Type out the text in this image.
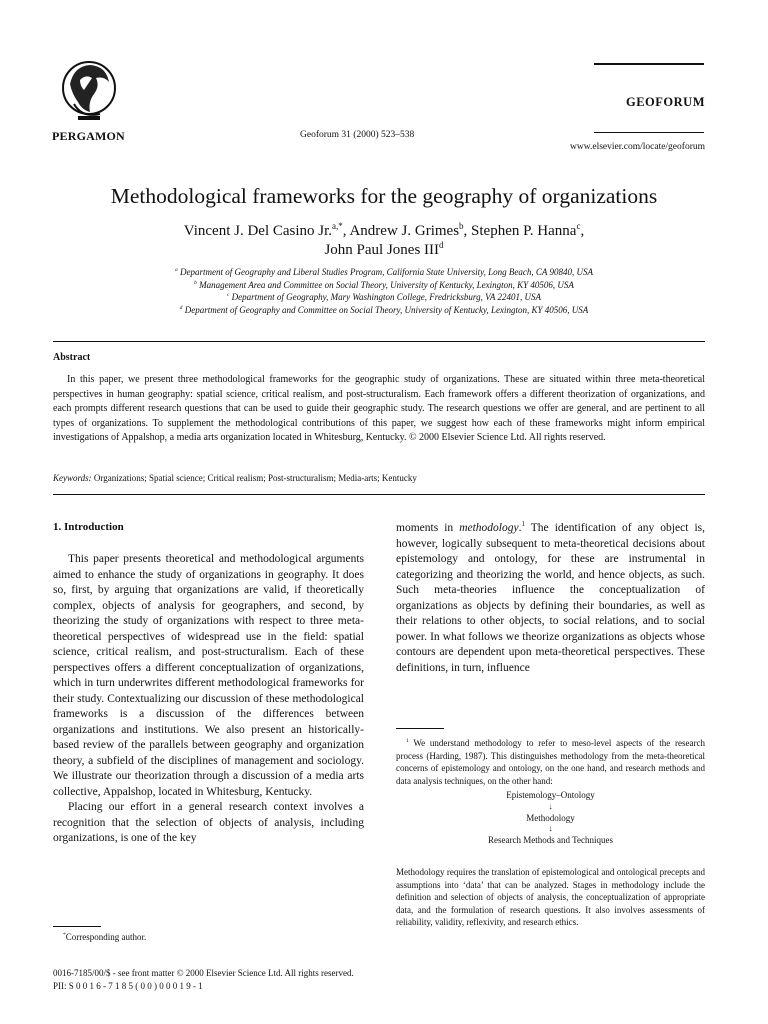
PERGAMON	Geoforum 31 (2000) 523–538
GEOFORUM
www.elsevier.com/locate/geoforum
Methodological frameworks for the geography of organizations
Vincent J. Del Casino Jr.$^{a,*}$, Andrew J. Grimes$^b$, Stephen P. Hanna$^c$,
John Paul Jones III$^d$
$^a$ Department of Geography and Liberal Studies Program, California State University, Long Beach, CA 90840, USA
$^b$ Management Area and Committee on Social Theory, University of Kentucky, Lexington, KY 40506, USA
$^c$ Department of Geography, Mary Washington College, Fredricksburg, VA 22401, USA
$^d$ Department of Geography and Committee on Social Theory, University of Kentucky, Lexington, KY 40506, USA
Abstract
In this paper, we present three methodological frameworks for the geographic study of organizations. These are situated within three meta-theoretical perspectives in human geography: spatial science, critical realism, and post-structuralism. Each framework offers a different theorization of organizations, and each prompts different research questions that can be used to guide their geographic study. The research questions we offer are general, and are pertinent to all types of organizations. To supplement the methodological contributions of this paper, we suggest how each of these frameworks might inform empirical investigations of Appalshop, a media arts organization located in Whitesburg, Kentucky. © 2000 Elsevier Science Ltd. All rights reserved.
Keywords: Organizations; Spatial science; Critical realism; Post-structuralism; Media-arts; Kentucky
1. Introduction

This paper presents theoretical and methodological arguments aimed to enhance the study of organizations in geography. It does so, first, by arguing that organizations are valid, if theoretically complex, objects of analysis for geographers, and second, by theorizing the study of organizations with respect to three meta-theoretical perspectives of widespread use in the field: spatial science, critical realism, and post-structuralism. Each of these perspectives offers a different conceptualization of organizations, which in turn underwrites different methodological frameworks for their study. Contextualizing our discussion of these methodological frameworks is a discussion of the differences between organizations and institutions. We also present an historically-based review of the parallels between geography and organization theory, a subfield of the disciplines of management and sociology. We illustrate our theorization through a discussion of a media arts collective, Appalshop, located in Whitesburg, Kentucky.

Placing our effort in a general research context involves a recognition that the selection of objects of analysis, including organizations, is one of the key

*Corresponding author.
moments in methodology.$^1$ The identification of any object is, however, logically subsequent to meta-theoretical decisions about epistemology and ontology, for these are instrumental in categorizing and theorizing the world, and hence objects, as such. Such meta-theories influence the conceptualization of organizations as objects by defining their boundaries, as well as their relations to other objects, to social relations, and to social power. In what follows we theorize organizations as objects whose contours are dependent upon meta-theoretical perspectives. These definitions, in turn, influence

$^1$ We understand methodology to refer to meso-level aspects of the research process (Harding, 1987). This distinguishes methodology from the meta-theoretical concerns of epistemology and ontology, on the one hand, and research methods and data analysis techniques, on the other hand:

Epistemology–Ontology
↓
Methodology
↓
Research Methods and Techniques
Methodology requires the translation of epistemological and ontological precepts and assumptions into ‘data’ that can be analyzed. Stages in methodology include the definition and selection of objects of analysis, the conceptualization of appropriate data, and the formulation of research questions. It also involves assessments of reliability, validity, reflexivity, and research ethics.
0016-7185/00/$ - see front matter © 2000 Elsevier Science Ltd. All rights reserved.
PII: S 0 0 1 6 - 7 1 8 5 ( 0 0 ) 0 0 0 1 9 - 1
